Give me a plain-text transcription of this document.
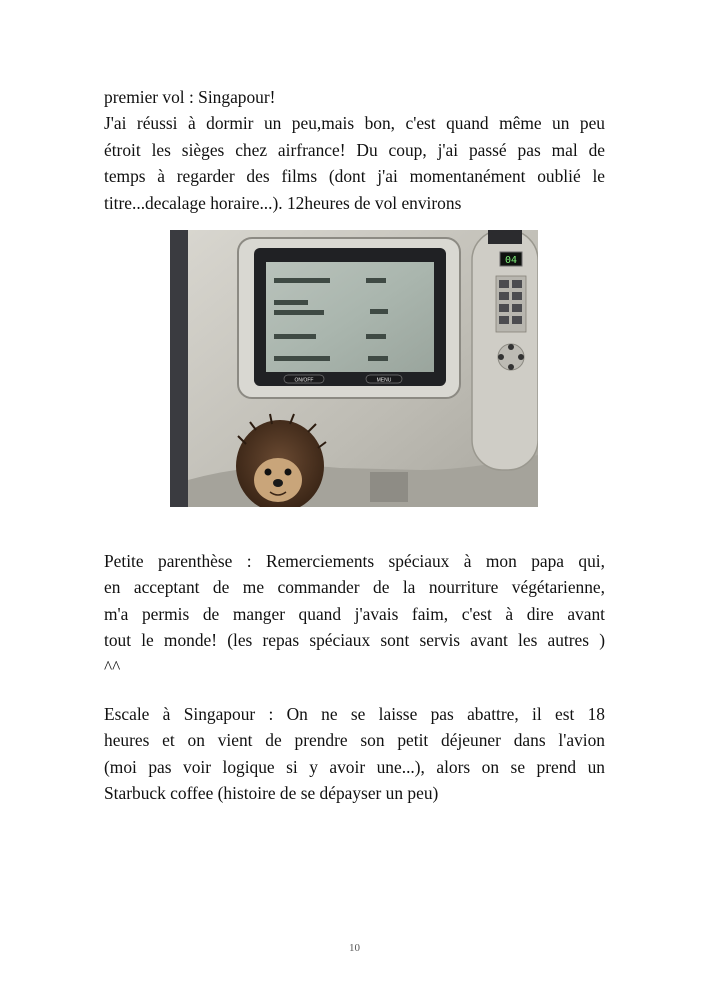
premier vol : Singapour!
J'ai réussi à dormir un peu,mais bon, c'est quand même un peu
étroit les sièges chez airfrance! Du coup, j'ai passé pas mal de
temps à regarder des films (dont j'ai momentanément oublié le
titre...decalage horaire...). 12heures de vol environs
ON/OFF	MENU
04
Petite parenthèse : Remerciements spéciaux à mon papa qui,
en acceptant de me commander de la nourriture végétarienne,
m'a permis de manger quand j'avais faim, c'est à dire avant
tout le monde! (les repas spéciaux sont servis avant les autres )
^^
Escale à Singapour : On ne se laisse pas abattre, il est 18
heures et on vient de prendre son petit déjeuner dans l'avion
(moi pas voir logique si y avoir une...), alors on se prend un
Starbuck coffee (histoire de se dépayser un peu)
10
